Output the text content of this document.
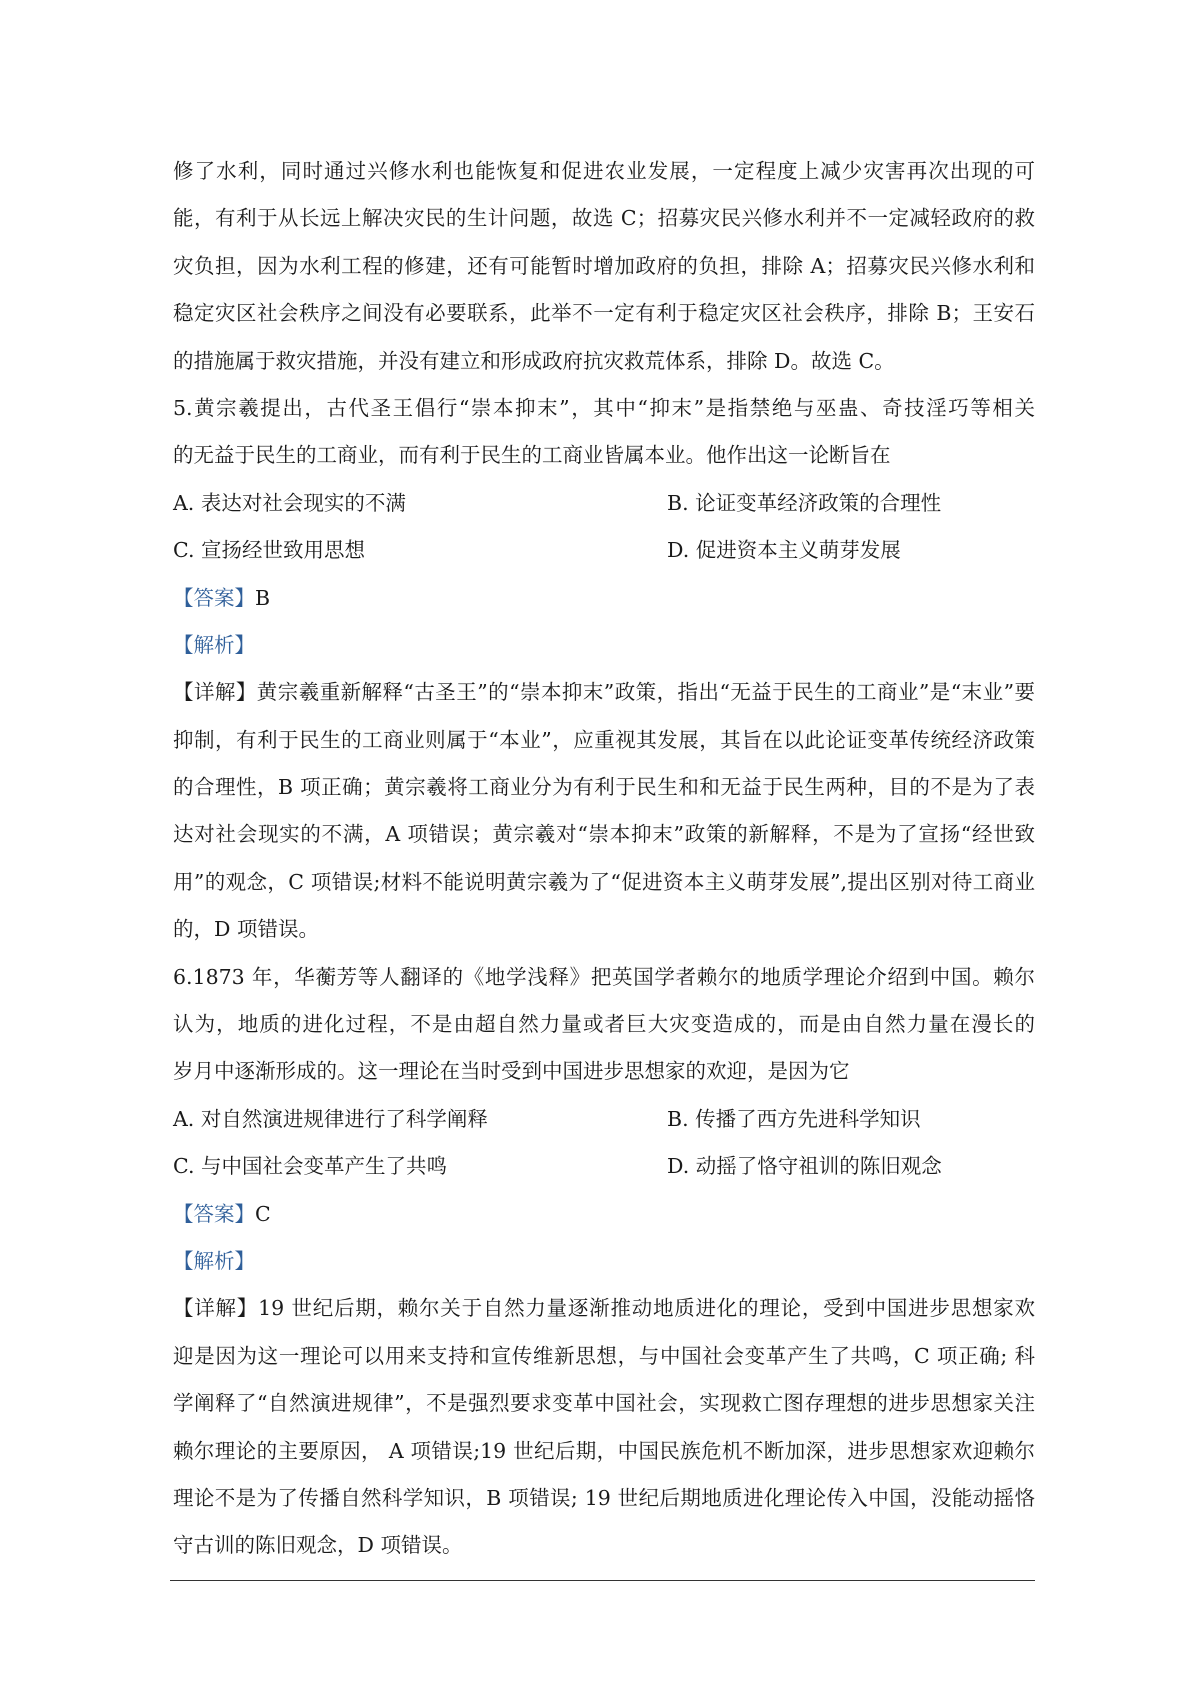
修了水利，同时通过兴修水利也能恢复和促进农业发展，一定程度上减少灾害再次出现的可
能，有利于从长远上解决灾民的生计问题，故选 C；招募灾民兴修水利并不一定减轻政府的救
灾负担，因为水利工程的修建，还有可能暂时增加政府的负担，排除 A；招募灾民兴修水利和
稳定灾区社会秩序之间没有必要联系，此举不一定有利于稳定灾区社会秩序，排除 B；王安石
的措施属于救灾措施，并没有建立和形成政府抗灾救荒体系，排除 D。故选 C。
5.黄宗羲提出，古代圣王倡行“崇本抑末”，其中“抑末”是指禁绝与巫蛊、奇技淫巧等相关
的无益于民生的工商业，而有利于民生的工商业皆属本业。他作出这一论断旨在
A. 表达对社会现实的不满	B. 论证变革经济政策的合理性
C. 宣扬经世致用思想	D. 促进资本主义萌芽发展
【答案】B
【解析】
【详解】黄宗羲重新解释“古圣王”的“崇本抑末”政策，指出“无益于民生的工商业”是“末业”要
抑制，有利于民生的工商业则属于“本业”，应重视其发展，其旨在以此论证变革传统经济政策
的合理性，B 项正确；黄宗羲将工商业分为有利于民生和和无益于民生两种，目的不是为了表
达对社会现实的不满，A 项错误；黄宗羲对“崇本抑末”政策的新解释，不是为了宣扬“经世致
用”的观念，C 项错误;材料不能说明黄宗羲为了“促进资本主义萌芽发展”,提出区别对待工商业
的，D 项错误。
6.1873 年，华蘅芳等人翻译的《地学浅释》把英国学者赖尔的地质学理论介绍到中国。赖尔
认为，地质的进化过程，不是由超自然力量或者巨大灾变造成的，而是由自然力量在漫长的
岁月中逐渐形成的。这一理论在当时受到中国进步思想家的欢迎，是因为它
A. 对自然演进规律进行了科学阐释	B. 传播了西方先进科学知识
C. 与中国社会变革产生了共鸣	D. 动摇了恪守祖训的陈旧观念
【答案】C
【解析】
【详解】19 世纪后期，赖尔关于自然力量逐渐推动地质进化的理论，受到中国进步思想家欢
迎是因为这一理论可以用来支持和宣传维新思想，与中国社会变革产生了共鸣，C 项正确; 科
学阐释了“自然演进规律”，不是强烈要求变革中国社会，实现救亡图存理想的进步思想家关注
赖尔理论的主要原因， A 项错误;19 世纪后期，中国民族危机不断加深，进步思想家欢迎赖尔
理论不是为了传播自然科学知识，B 项错误; 19 世纪后期地质进化理论传入中国，没能动摇恪
守古训的陈旧观念，D 项错误。
